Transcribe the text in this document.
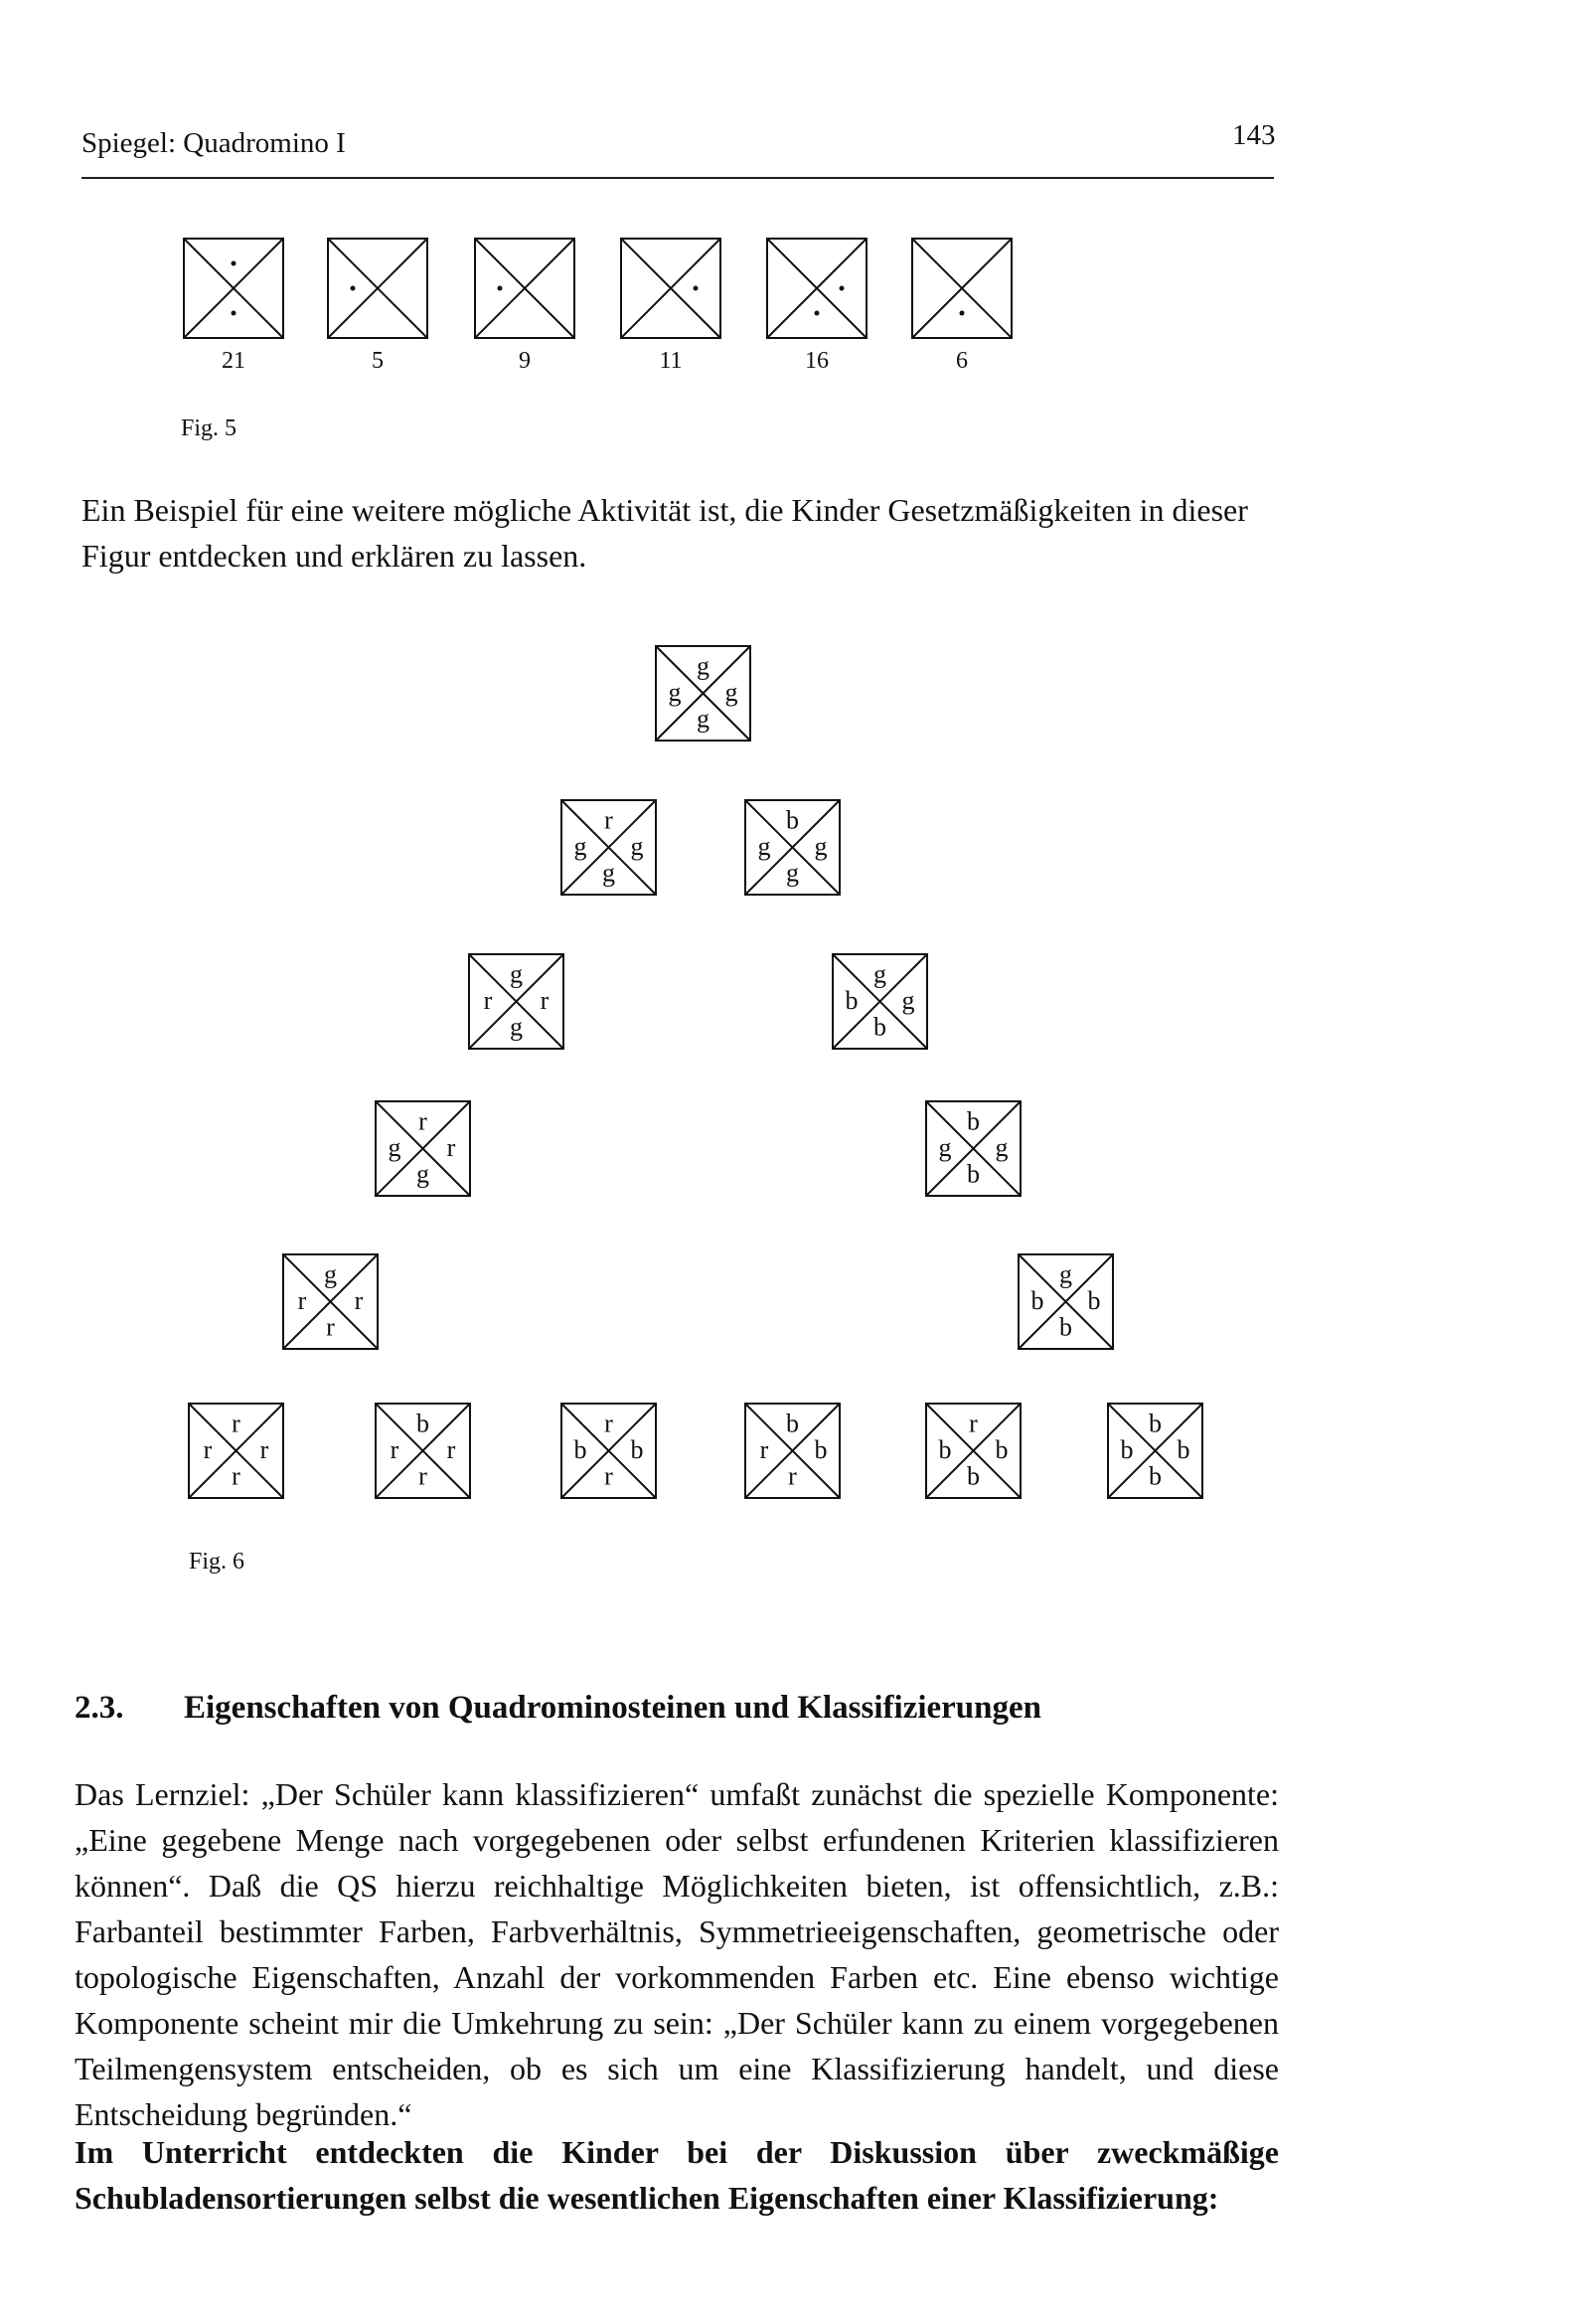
Spiegel: Quadromino I	143
21	5	9	11	16	6
Fig. 5

Ein Beispiel für eine weitere mögliche Aktivität ist, die Kinder Gesetzmäßigkeiten in dieser Figur entdecken und erklären zu lassen.

g
g
g g
r
g
g g
b
g
g g
g
g
r r
g
b
b g
r
g
g r
b
b
g g
g
r
r r
g
b
b b
r
r
r r
b
r
r r
r
r
b b
b
r
r b
r
b
b b
b
b
b b
Fig. 6
2.3. Eigenschaften von Quadrominosteinen und Klassifizierungen

Das Lernziel: „Der Schüler kann klassifizieren“ umfaßt zunächst die spezielle Komponente: „Eine gegebene Menge nach vorgegebenen oder selbst erfundenen Kriterien klassifizieren können“. Daß die QS hierzu reichhaltige Möglichkeiten bieten, ist offensichtlich, z.B.: Farbanteil bestimmter Farben, Farbverhältnis, Symmetrieeigenschaften, geometrische oder topologische Eigenschaften, Anzahl der vorkommenden Farben etc. Eine ebenso wichtige Komponente scheint mir die Umkehrung zu sein: „Der Schüler kann zu einem vorgegebenen Teilmengensystem entscheiden, ob es sich um eine Klassifizierung handelt, und diese Entscheidung begründen.“

Im Unterricht entdeckten die Kinder bei der Diskussion über zweckmäßige Schubladensortierungen selbst die wesentlichen Eigenschaften einer Klassifizierung:
